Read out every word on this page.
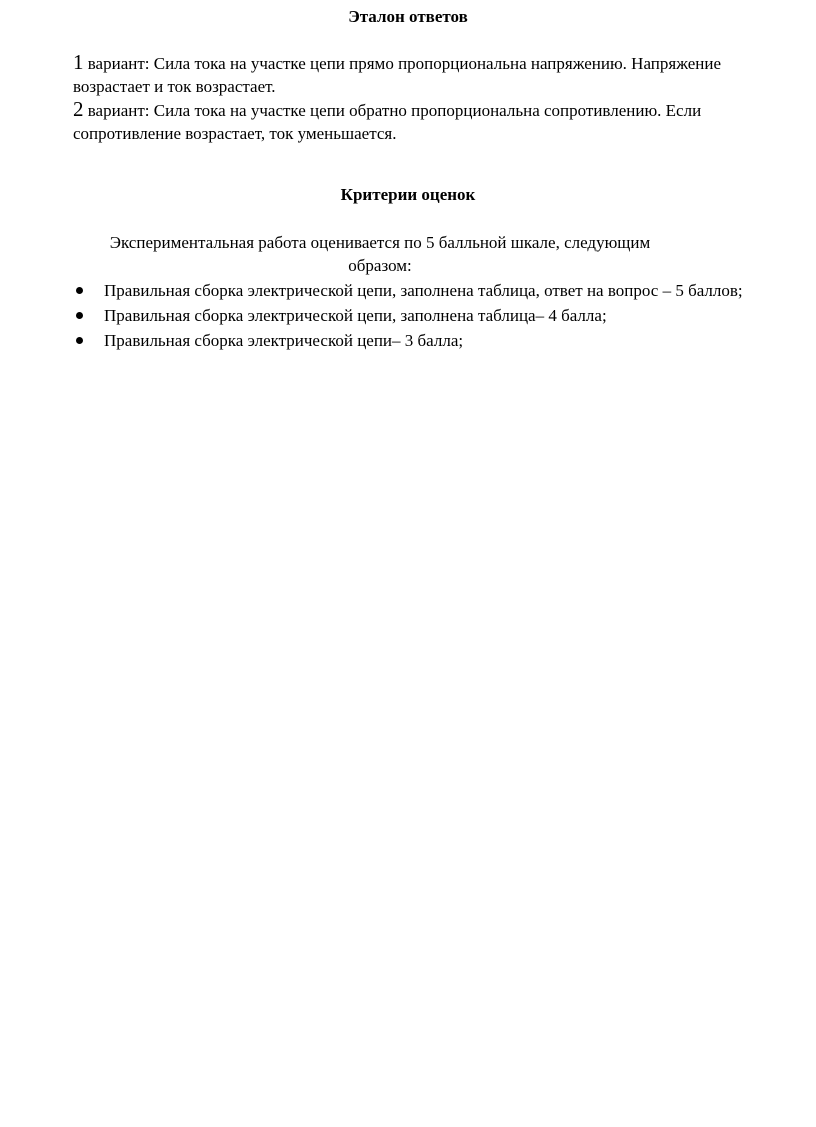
Эталон ответов

1 вариант: Сила тока на участке цепи прямо пропорциональна напряжению. Напряжение возрастает и ток возрастает.

2 вариант: Сила тока на участке цепи обратно пропорциональна сопротивлению. Если сопротивление возрастает, ток уменьшается.

Критерии оценок
Экспериментальная работа оценивается по 5 балльной шкале, следующим образом:
Правильная сборка электрической цепи, заполнена таблица, ответ на вопрос – 5 баллов;
Правильная сборка электрической цепи, заполнена таблица– 4 балла;
Правильная сборка электрической цепи– 3 балла;
